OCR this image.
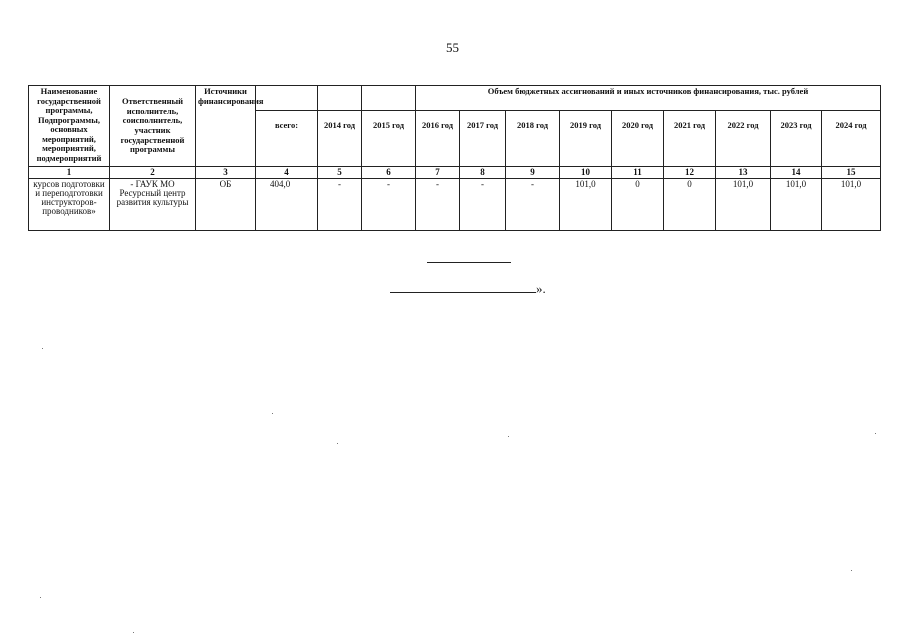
55
Наименование государственной программы, Подпрограммы, основных мероприятий, мероприятий, подмероприятий	Ответственный исполнитель, соисполнитель, участник государственной программы	Источники финансирования				Объем бюджетных ассигнований и иных источников финансирования, тыс. рублей								
			всего:	2014 год	2015 год	2016 год	2017 год	2018 год	2019 год	2020 год	2021 год	2022 год	2023 год	2024 год
1	2	3	4	5	6	7	8	9	10	11	12	13	14	15
курсов подготовки и переподготовки инструкторов-проводников»	- ГАУК МО Ресурсный центр развития культуры	ОБ	404,0	-	-	-	-	-	101,0	0	0	101,0	101,0	101,0
».
